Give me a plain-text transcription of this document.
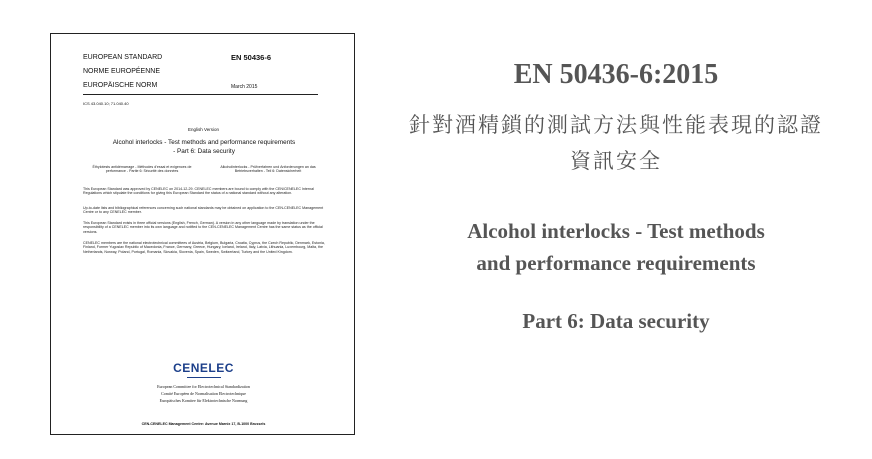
EUROPEAN STANDARD
NORME EUROPÉENNE
EUROPÄISCHE NORM
EN 50436-6
March 2015
ICS 43.040.10; 71.040.40
English Version
Alcohol interlocks - Test methods and performance requirements - Part 6: Data security
Éthylotests antidémarrage - Méthodes d'essai et exigences de performance - Partie 6: Sécurité des données
Alkoholinterlocks - Prüfverfahren und Anforderungen an das Betriebsverhalten - Teil 6: Datensicherheit
This European Standard was approved by CENELEC on 2014-12-29. CENELEC members are bound to comply with the CEN/CENELEC Internal Regulations which stipulate the conditions for giving this European Standard the status of a national standard without any alteration.
Up-to-date lists and bibliographical references concerning such national standards may be obtained on application to the CEN-CENELEC Management Centre or to any CENELEC member.
This European Standard exists in three official versions (English, French, German). A version in any other language made by translation under the responsibility of a CENELEC member into its own language and notified to the CEN-CENELEC Management Centre has the same status as the official versions.
CENELEC members are the national electrotechnical committees of Austria, Belgium, Bulgaria, Croatia, Cyprus, the Czech Republic, Denmark, Estonia, Finland, Former Yugoslav Republic of Macedonia, France, Germany, Greece, Hungary, Iceland, Ireland, Italy, Latvia, Lithuania, Luxembourg, Malta, the Netherlands, Norway, Poland, Portugal, Romania, Slovakia, Slovenia, Spain, Sweden, Switzerland, Turkey and the United Kingdom.
CENELEC
European Committee for Electrotechnical Standardization
Comité Européen de Normalisation Electrotechnique
Europäisches Komitee für Elektrotechnische Normung
CEN-CENELEC Management Centre: Avenue Marnix 17, B-1000 Brussels
EN 50436-6:2015
針對酒精鎖的測試方法與性能表現的認證
資訊安全
Alcohol interlocks - Test methods
and performance requirements
Part 6: Data security
